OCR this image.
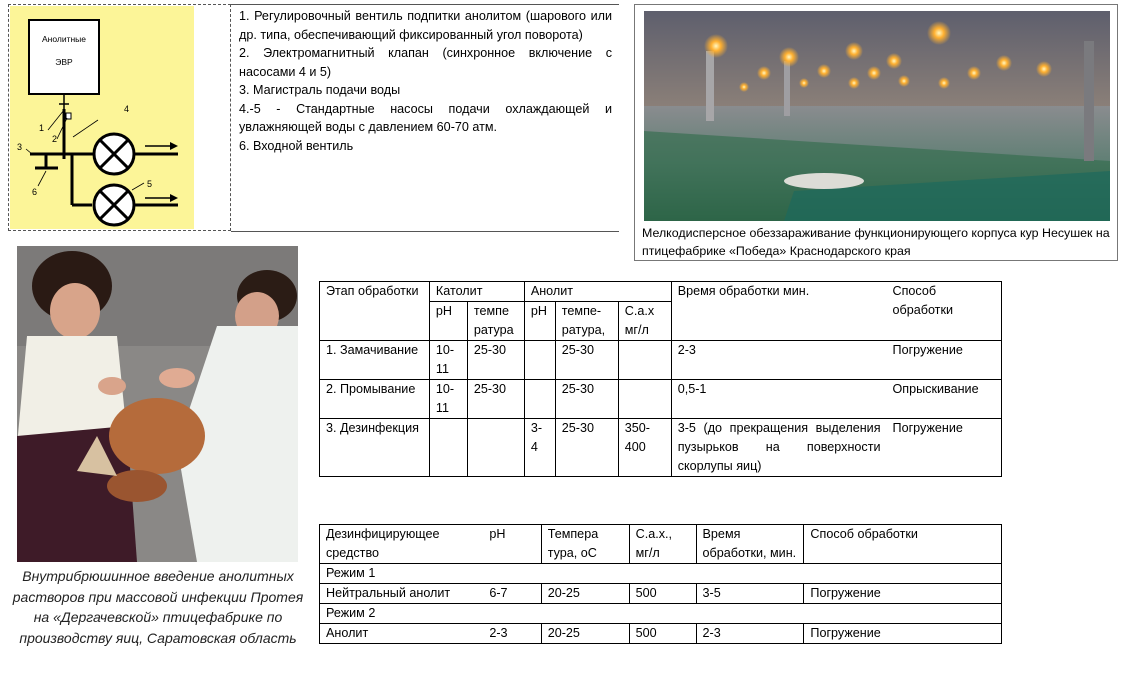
Анолитные
ЭВР
1
2
3
4
5
6

1. Регулировочный вентиль подпитки анолитом (шарового или др. типа, обеспечивающий фиксированный угол поворота)

2. Электромагнитный клапан (синхронное включение с насосами 4 и 5)

3. Магистраль подачи воды

4.-5 - Стандартные насосы подачи охлаждающей и увлажняющей воды с давлением 60-70 атм.

6. Входной вентиль

Мелкодисперсное обеззараживание функционирующего корпуса кур Несушек на птицефабрике «Победа» Краснодарского края
Внутрибрюшинное введение анолитных растворов при массовой инфекции Протея на «Дергачевской» птицефабрике по производству яиц, Саратовская область
Этап обработки	Католит		Анолит			Время обработки мин.	Способ обработки
	pH	темпе ратура	pH	темпе-ратура,	С.а.х мг/л		
1. Замачивание	10-11	25-30		25-30		2-3	Погружение
2. Промывание	10-11	25-30		25-30		0,5-1	Опрыскивание
3. Дезинфекция			3-4	25-30	350-400	3-5 (до прекращения выделения пузырьков на поверхности скорлупы яиц)	Погружение
Дезинфицирующее средство	pH	Темпера тура, оС	С.а.х., мг/л	Время обработки, мин.	Способ обработки
Режим 1					
Нейтральный анолит	6-7	20-25	500	3-5	Погружение
Режим 2					
Анолит	2-3	20-25	500	2-3	Погружение
